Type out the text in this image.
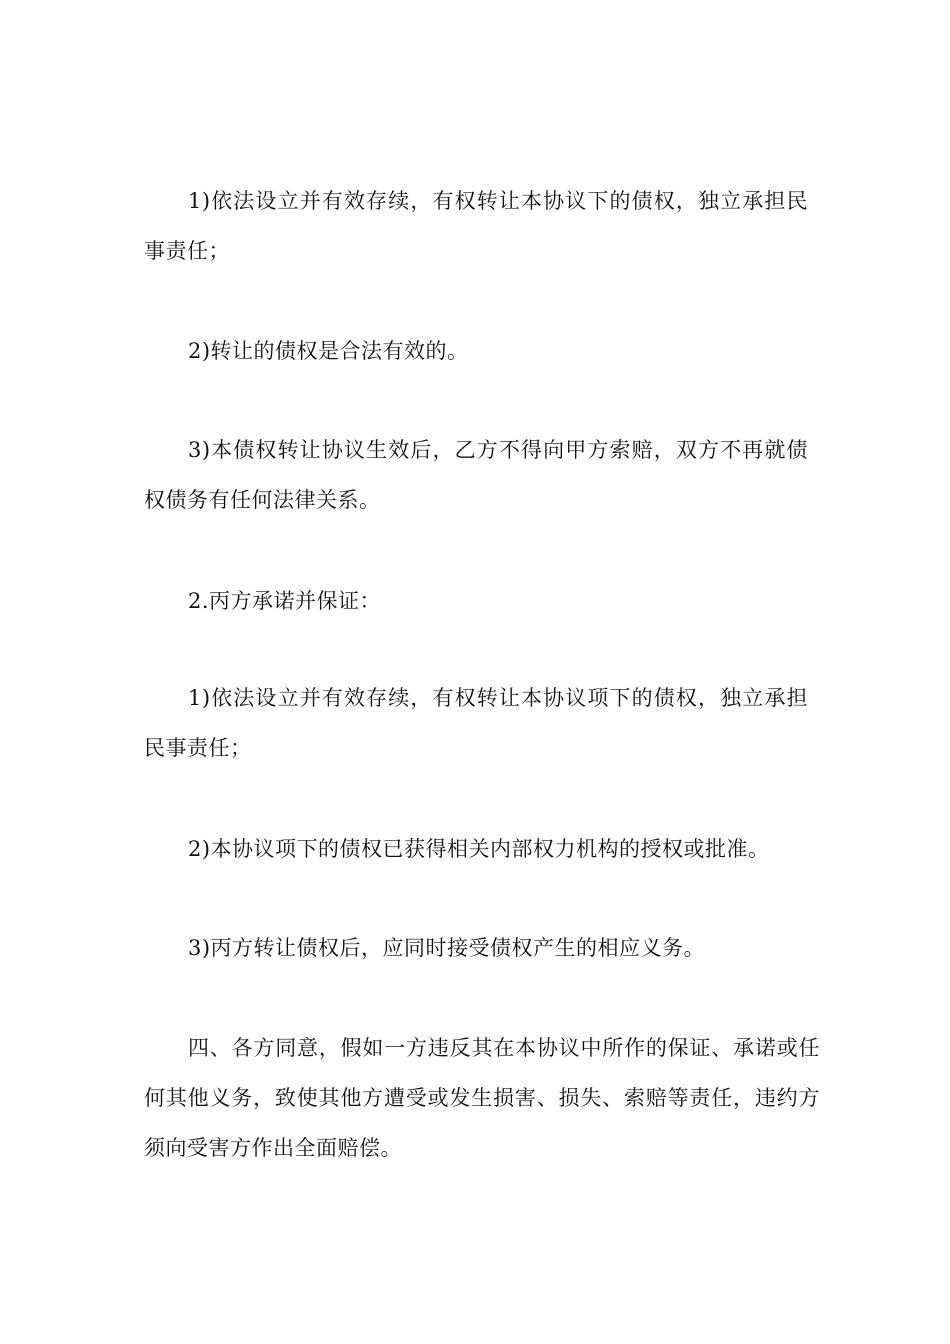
1)依法设立并有效存续，有权转让本协议下的债权，独立承担民事责任；

2)转让的债权是合法有效的。

3)本债权转让协议生效后，乙方不得向甲方索赔，双方不再就债权债务有任何法律关系。

2.丙方承诺并保证：

1)依法设立并有效存续，有权转让本协议项下的债权，独立承担民事责任；

2)本协议项下的债权已获得相关内部权力机构的授权或批准。

3)丙方转让债权后，应同时接受债权产生的相应义务。

四、各方同意，假如一方违反其在本协议中所作的保证、承诺或任何其他义务，致使其他方遭受或发生损害、损失、索赔等责任，违约方须向受害方作出全面赔偿。
